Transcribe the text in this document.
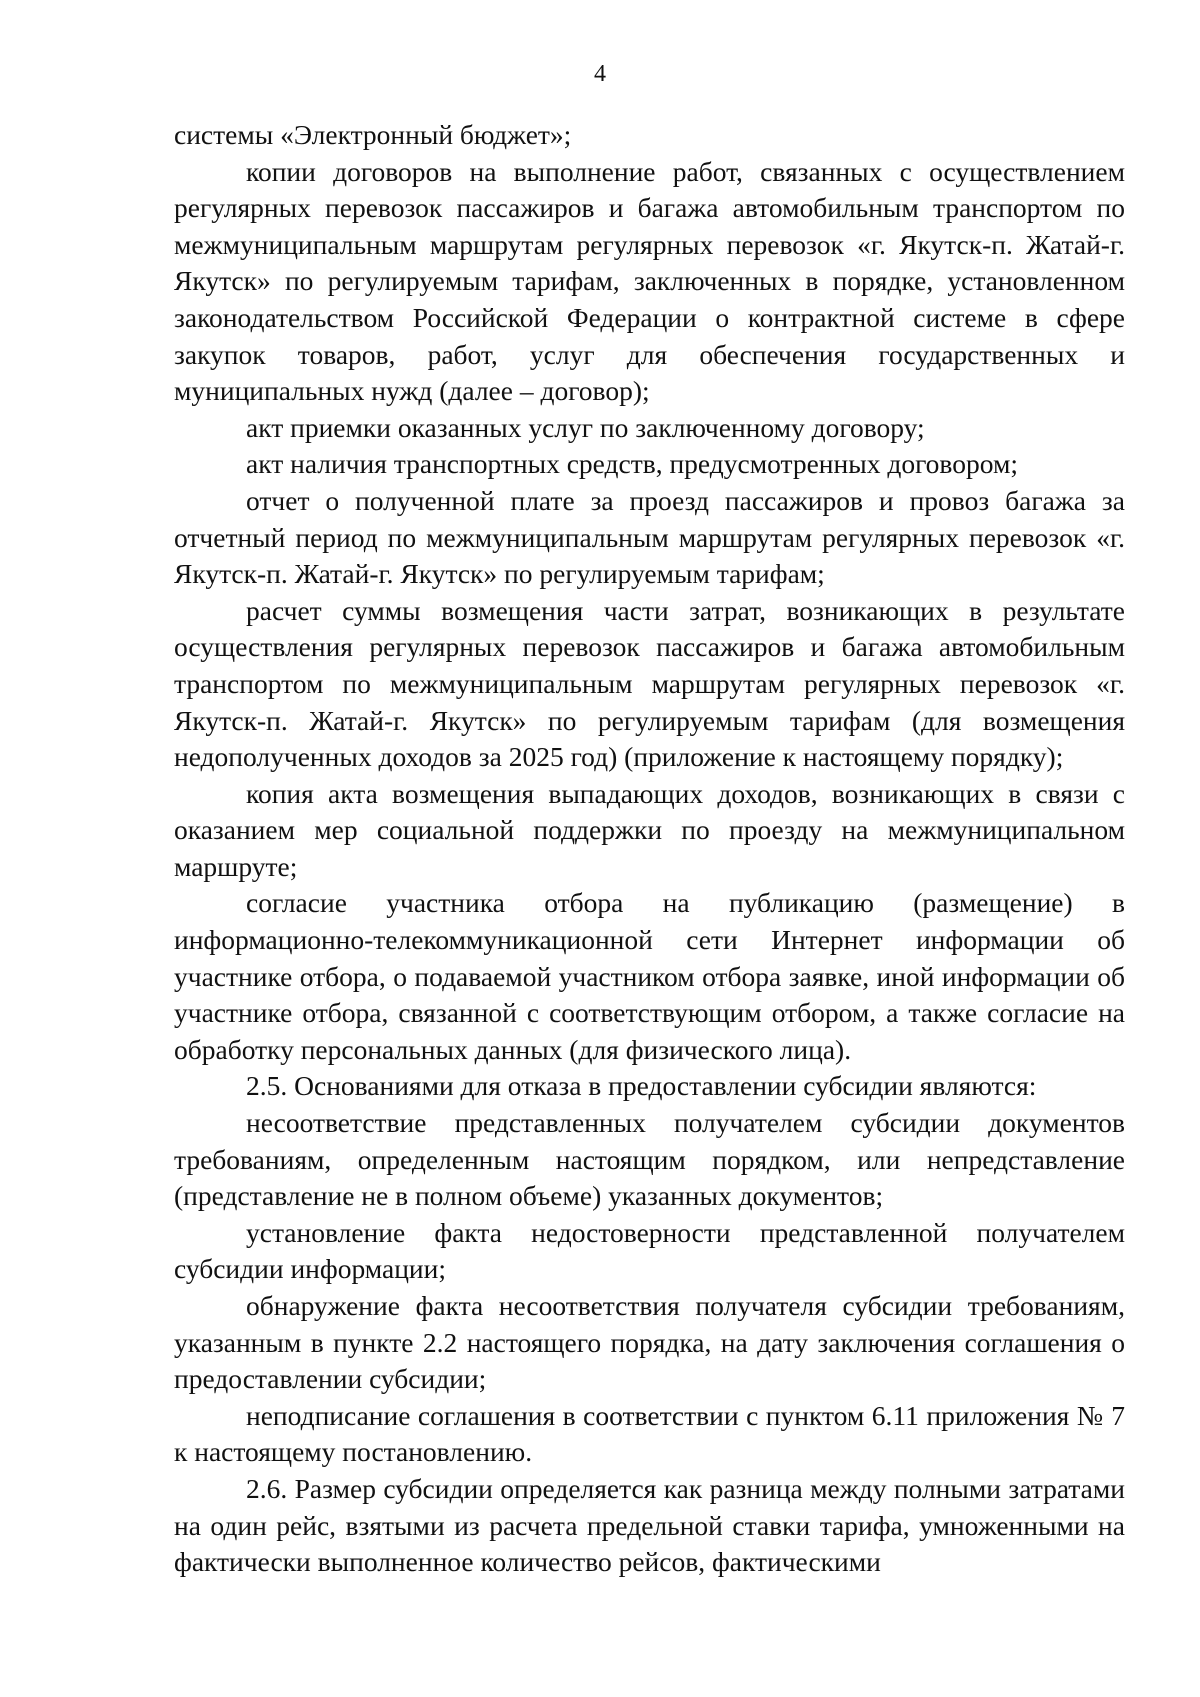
4

системы «Электронный бюджет»;

копии договоров на выполнение работ, связанных с осуществлением регулярных перевозок пассажиров и багажа автомобильным транспортом по межмуниципальным маршрутам регулярных перевозок «г. Якутск-п. Жатай-г. Якутск» по регулируемым тарифам, заключенных в порядке, установленном законодательством Российской Федерации о контрактной системе в сфере закупок товаров, работ, услуг для обеспечения государственных и муниципальных нужд (далее – договор);

акт приемки оказанных услуг по заключенному договору;

акт наличия транспортных средств, предусмотренных договором;

отчет о полученной плате за проезд пассажиров и провоз багажа за отчетный период по межмуниципальным маршрутам регулярных перевозок «г. Якутск-п. Жатай-г. Якутск» по регулируемым тарифам;

расчет суммы возмещения части затрат, возникающих в результате осуществления регулярных перевозок пассажиров и багажа автомобильным транспортом по межмуниципальным маршрутам регулярных перевозок «г. Якутск-п. Жатай-г. Якутск» по регулируемым тарифам (для возмещения недополученных доходов за 2025 год) (приложение к настоящему порядку);

копия акта возмещения выпадающих доходов, возникающих в связи с оказанием мер социальной поддержки по проезду на межмуниципальном маршруте;

согласие участника отбора на публикацию (размещение) в информационно-телекоммуникационной сети Интернет информации об участнике отбора, о подаваемой участником отбора заявке, иной информации об участнике отбора, связанной с соответствующим отбором, а также согласие на обработку персональных данных (для физического лица).

2.5. Основаниями для отказа в предоставлении субсидии являются:

несоответствие представленных получателем субсидии документов требованиям, определенным настоящим порядком, или непредставление (представление не в полном объеме) указанных документов;

установление факта недостоверности представленной получателем субсидии информации;

обнаружение факта несоответствия получателя субсидии требованиям, указанным в пункте 2.2 настоящего порядка, на дату заключения соглашения о предоставлении субсидии;

неподписание соглашения в соответствии с пунктом 6.11 приложения № 7 к настоящему постановлению.

2.6. Размер субсидии определяется как разница между полными затратами на один рейс, взятыми из расчета предельной ставки тарифа, умноженными на фактически выполненное количество рейсов, фактическими
